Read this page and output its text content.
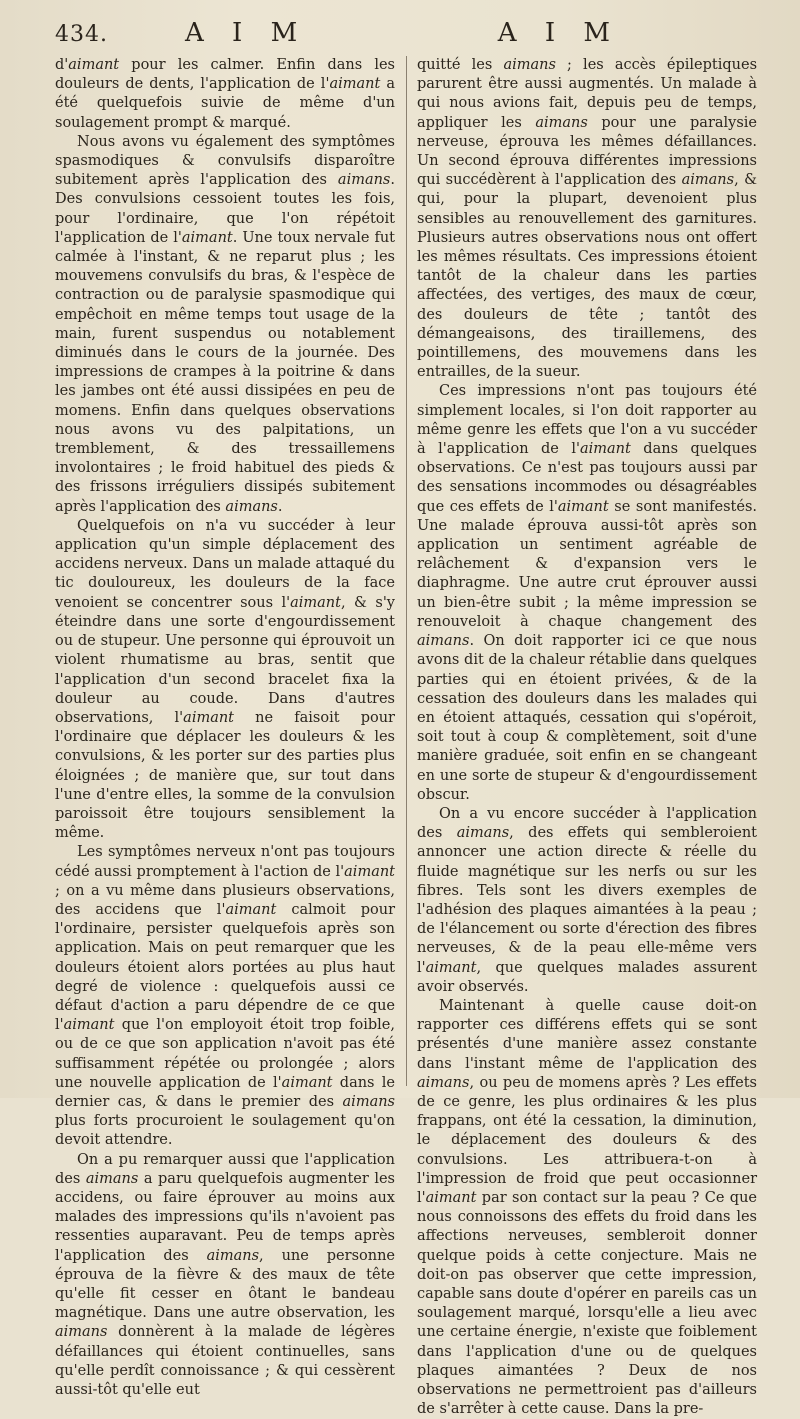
434.	A I M	A I M

d'aimant pour les calmer. Enfin dans les douleurs de dents, l'application de l'aimant a été quelquefois suivie de même d'un soulagement prompt & marqué.

Nous avons vu également des symptômes spasmodiques & convulsifs disparoître subitement après l'application des aimans. Des convulsions cessoient toutes les fois, pour l'ordinaire, que l'on répétoit l'application de l'aimant. Une toux nervale fut calmée à l'instant, & ne reparut plus ; les mouvemens convulsifs du bras, & l'espèce de contraction ou de paralysie spasmodique qui empêchoit en même temps tout usage de la main, furent suspendus ou notablement diminués dans le cours de la journée. Des impressions de crampes à la poitrine & dans les jambes ont été aussi dissipées en peu de momens. Enfin dans quelques observations nous avons vu des palpitations, un tremblement, & des tressaillemens involontaires ; le froid habituel des pieds & des frissons irréguliers dissipés subitement après l'application des aimans.

Quelquefois on n'a vu succéder à leur application qu'un simple déplacement des accidens nerveux. Dans un malade attaqué du tic douloureux, les douleurs de la face venoient se concentrer sous l'aimant, & s'y éteindre dans une sorte d'engourdissement ou de stupeur. Une personne qui éprouvoit un violent rhumatisme au bras, sentit que l'application d'un second bracelet fixa la douleur au coude. Dans d'autres observations, l'aimant ne faisoit pour l'ordinaire que déplacer les douleurs & les convulsions, & les porter sur des parties plus éloignées ; de manière que, sur tout dans l'une d'entre elles, la somme de la convulsion paroissoit être toujours sensiblement la même.

Les symptômes nerveux n'ont pas toujours cédé aussi promptement à l'action de l'aimant ; on a vu même dans plusieurs observations, des accidens que l'aimant calmoit pour l'ordinaire, persister quelquefois après son application. Mais on peut remarquer que les douleurs étoient alors portées au plus haut degré de violence : quelquefois aussi ce défaut d'action a paru dépendre de ce que l'aimant que l'on employoit étoit trop foible, ou de ce que son application n'avoit pas été suffisamment répétée ou prolongée ; alors une nouvelle application de l'aimant dans le dernier cas, & dans le premier des aimans plus forts procuroient le soulagement qu'on devoit attendre.

On a pu remarquer aussi que l'application des aimans a paru quelquefois augmenter les accidens, ou faire éprouver au moins aux malades des impressions qu'ils n'avoient pas ressenties auparavant. Peu de temps après l'application des aimans, une personne éprouva de la fièvre & des maux de tête qu'elle fit cesser en ôtant le bandeau magnétique. Dans une autre observation, les aimans donnèrent à la malade de légères défaillances qui étoient continuelles, sans qu'elle perdît connoissance ; & qui cessèrent aussi-tôt qu'elle eut

quitté les aimans ; les accès épileptiques parurent être aussi augmentés. Un malade à qui nous avions fait, depuis peu de temps, appliquer les aimans pour une paralysie nerveuse, éprouva les mêmes défaillances. Un second éprouva différentes impressions qui succédèrent à l'application des aimans, & qui, pour la plupart, devenoient plus sensibles au renouvellement des garnitures. Plusieurs autres observations nous ont offert les mêmes résultats. Ces impressions étoient tantôt de la chaleur dans les parties affectées, des vertiges, des maux de cœur, des douleurs de tête ; tantôt des démangeaisons, des tiraillemens, des pointillemens, des mouvemens dans les entrailles, de la sueur.

Ces impressions n'ont pas toujours été simplement locales, si l'on doit rapporter au même genre les effets que l'on a vu succéder à l'application de l'aimant dans quelques observations. Ce n'est pas toujours aussi par des sensations incommodes ou désagréables que ces effets de l'aimant se sont manifestés. Une malade éprouva aussi-tôt après son application un sentiment agréable de relâchement & d'expansion vers le diaphragme. Une autre crut éprouver aussi un bien-être subit ; la même impression se renouveloit à chaque changement des aimans. On doit rapporter ici ce que nous avons dit de la chaleur rétablie dans quelques parties qui en étoient privées, & de la cessation des douleurs dans les malades qui en étoient attaqués, cessation qui s'opéroit, soit tout à coup & complètement, soit d'une manière graduée, soit enfin en se changeant en une sorte de stupeur & d'engourdissement obscur.

On a vu encore succéder à l'application des aimans, des effets qui sembleroient annoncer une action directe & réelle du fluide magnétique sur les nerfs ou sur les fibres. Tels sont les divers exemples de l'adhésion des plaques aimantées à la peau ; de l'élancement ou sorte d'érection des fibres nerveuses, & de la peau elle-même vers l'aimant, que quelques malades assurent avoir observés.

Maintenant à quelle cause doit-on rapporter ces différens effets qui se sont présentés d'une manière assez constante dans l'instant même de l'application des aimans, ou peu de momens après ? Les effets de ce genre, les plus ordinaires & les plus frappans, ont été la cessation, la diminution, le déplacement des douleurs & des convulsions. Les attribuera-t-on à l'impression de froid que peut occasionner l'aimant par son contact sur la peau ? Ce que nous connoissons des effets du froid dans les affections nerveuses, sembleroit donner quelque poids à cette conjecture. Mais ne doit-on pas observer que cette impression, capable sans doute d'opérer en pareils cas un soulagement marqué, lorsqu'elle a lieu avec une certaine énergie, n'existe que foiblement dans l'application d'une ou de quelques plaques aimantées ? Deux de nos observations ne permettroient pas d'ailleurs de s'arrêter à cette cause. Dans la pre-
